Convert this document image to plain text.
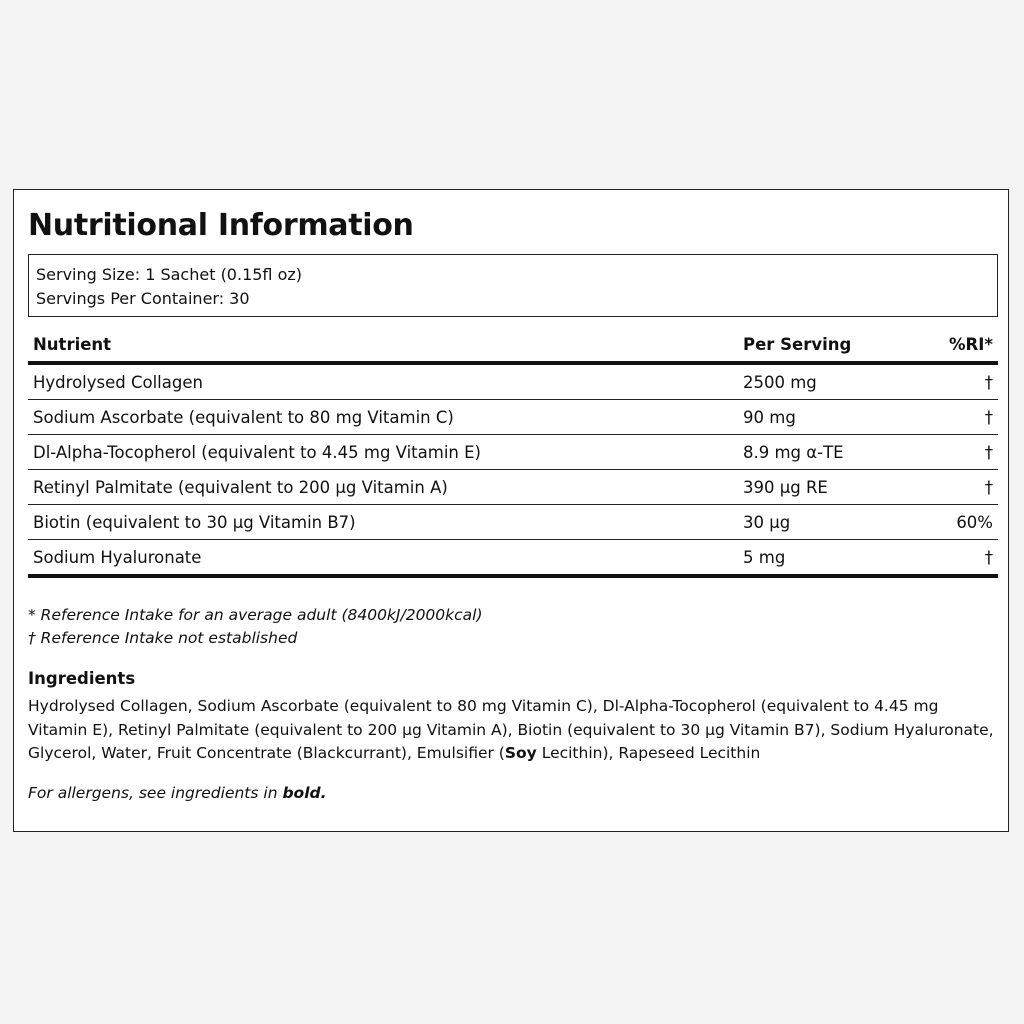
Nutritional Information
Serving Size: 1 Sachet (0.15fl oz)
Servings Per Container: 30
Nutrient	Per Serving	%RI*
Hydrolysed Collagen	2500 mg	†
Sodium Ascorbate (equivalent to 80 mg Vitamin C)	90 mg	†
Dl-Alpha-Tocopherol (equivalent to 4.45 mg Vitamin E)	8.9 mg α-TE	†
Retinyl Palmitate (equivalent to 200 µg Vitamin A)	390 µg RE	†
Biotin (equivalent to 30 µg Vitamin B7)	30 µg	60%
Sodium Hyaluronate	5 mg	†
* Reference Intake for an average adult (8400kJ/2000kcal)
† Reference Intake not established
Ingredients

Hydrolysed Collagen, Sodium Ascorbate (equivalent to 80 mg Vitamin C), Dl-Alpha-Tocopherol (equivalent to 4.45 mg Vitamin E), Retinyl Palmitate (equivalent to 200 µg Vitamin A), Biotin (equivalent to 30 µg Vitamin B7), Sodium Hyaluronate, Glycerol, Water, Fruit Concentrate (Blackcurrant), Emulsifier (Soy Lecithin), Rapeseed Lecithin

For allergens, see ingredients in bold.
